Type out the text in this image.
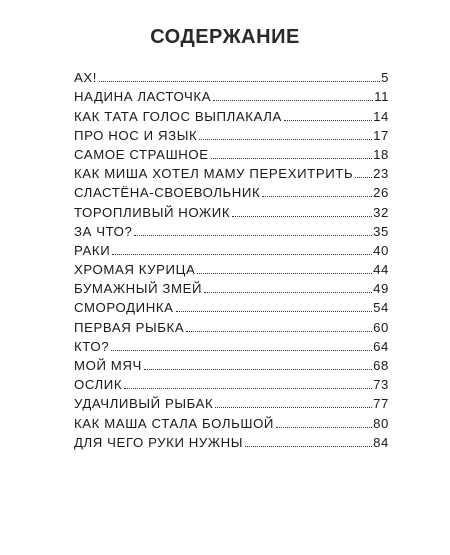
СОДЕРЖАНИЕ
АХ!	5
НАДИНА ЛАСТОЧКА	11
КАК ТАТА ГОЛОС ВЫПЛАКАЛА	14
ПРО НОС И ЯЗЫК	17
САМОЕ СТРАШНОЕ	18
КАК МИША ХОТЕЛ МАМУ ПЕРЕХИТРИТЬ 23
СЛАСТЁНА-СВОЕВОЛЬНИК	26
ТОРОПЛИВЫЙ НОЖИК	32
ЗА ЧТО?	35
РАКИ	40
ХРОМАЯ КУРИЦА	44
БУМАЖНЫЙ ЗМЕЙ	49
СМОРОДИНКА	54
ПЕРВАЯ РЫБКА	60
КТО?	64
МОЙ МЯЧ	68
ОСЛИК	73
УДАЧЛИВЫЙ РЫБАК	77
КАК МАША СТАЛА БОЛЬШОЙ	80
ДЛЯ ЧЕГО РУКИ НУЖНЫ	84
